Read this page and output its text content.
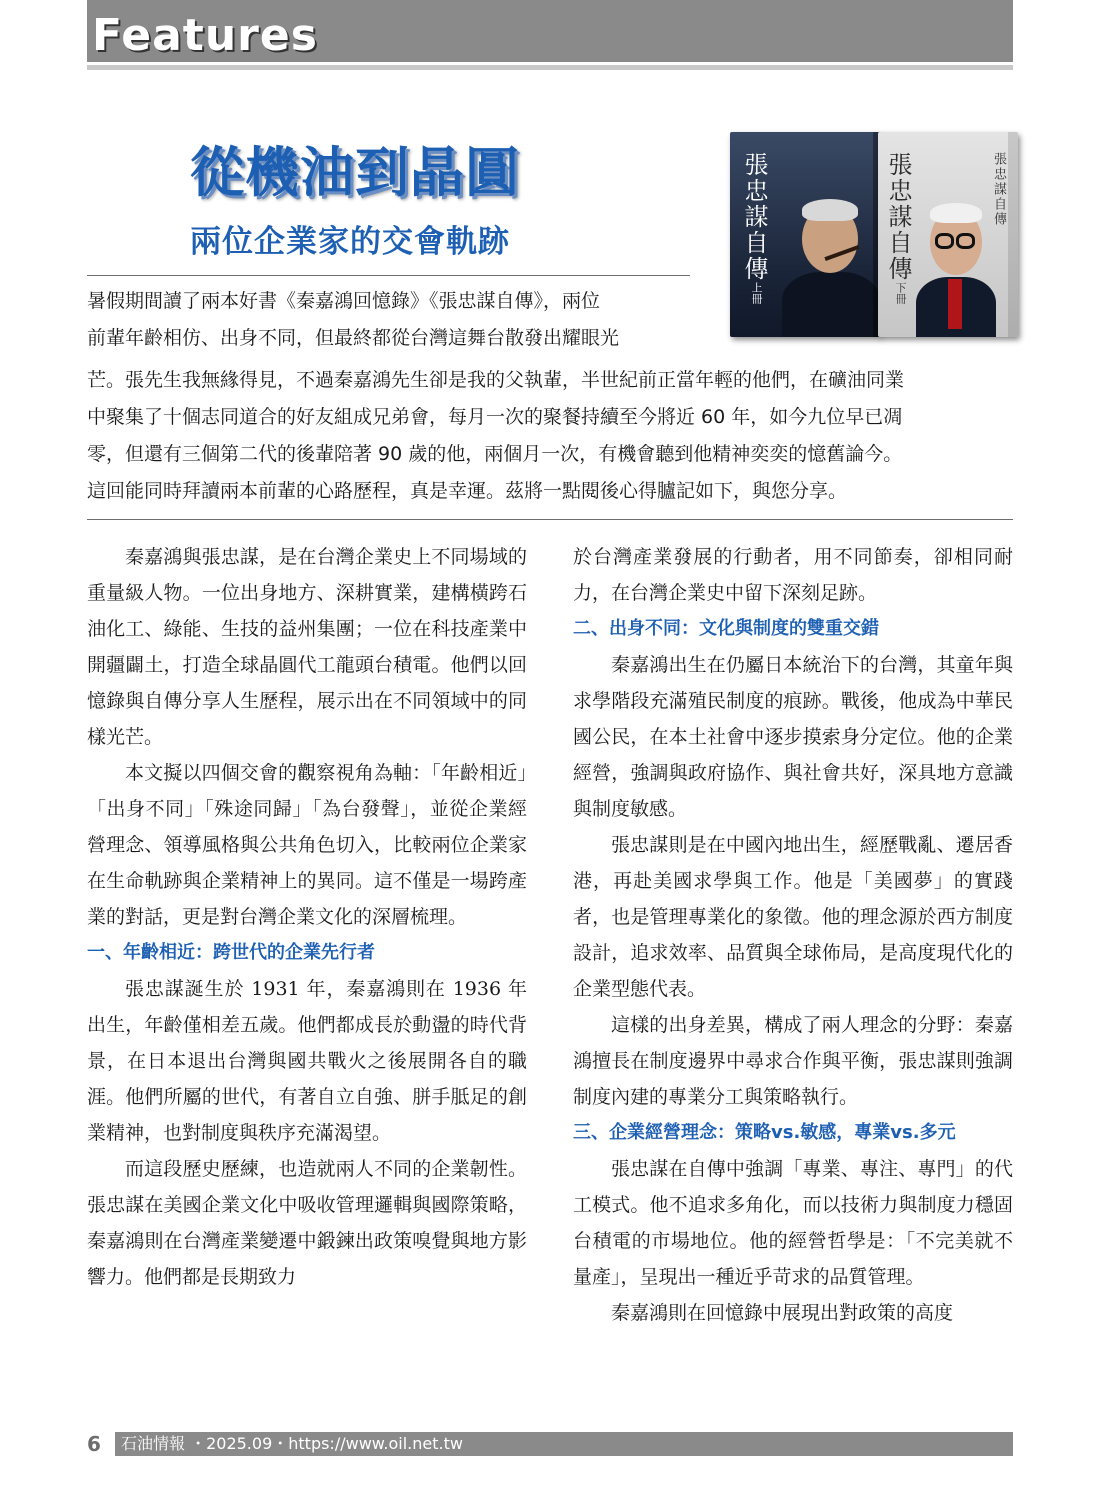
Features
從機油到晶圓
兩位企業家的交會軌跡	張忠謀自傳
上冊
張忠謀自傳
下冊
張忠謀自傳
暑假期間讀了兩本好書《秦嘉鴻回憶錄》《張忠謀自傳》，兩位
前輩年齡相仿、出身不同，但最終都從台灣這舞台散發出耀眼光
芒。張先生我無緣得見，不過秦嘉鴻先生卻是我的父執輩，半世紀前正當年輕的他們，在礦油同業
中聚集了十個志同道合的好友組成兄弟會，每月一次的聚餐持續至今將近 60 年，如今九位早已凋
零，但還有三個第二代的後輩陪著 90 歲的他，兩個月一次，有機會聽到他精神奕奕的憶舊論今。
這回能同時拜讀兩本前輩的心路歷程，真是幸運。茲將一點閱後心得臚記如下，與您分享。

秦嘉鴻與張忠謀，是在台灣企業史上不同場域的重量級人物。一位出身地方、深耕實業，建構橫跨石油化工、綠能、生技的益州集團；一位在科技產業中開疆闢土，打造全球晶圓代工龍頭台積電。他們以回憶錄與自傳分享人生歷程，展示出在不同領域中的同樣光芒。

本文擬以四個交會的觀察視角為軸：「年齡相近」「出身不同」「殊途同歸」「為台發聲」，並從企業經營理念、領導風格與公共角色切入，比較兩位企業家在生命軌跡與企業精神上的異同。這不僅是一場跨產業的對話，更是對台灣企業文化的深層梳理。

一、年齡相近：跨世代的企業先行者

張忠謀誕生於 1931 年，秦嘉鴻則在 1936 年出生，年齡僅相差五歲。他們都成長於動盪的時代背景，在日本退出台灣與國共戰火之後展開各自的職涯。他們所屬的世代，有著自立自強、胼手胝足的創業精神，也對制度與秩序充滿渴望。

而這段歷史歷練，也造就兩人不同的企業韌性。張忠謀在美國企業文化中吸收管理邏輯與國際策略，秦嘉鴻則在台灣產業變遷中鍛鍊出政策嗅覺與地方影響力。他們都是長期致力

於台灣產業發展的行動者，用不同節奏，卻相同耐力，在台灣企業史中留下深刻足跡。

二、出身不同：文化與制度的雙重交錯

秦嘉鴻出生在仍屬日本統治下的台灣，其童年與求學階段充滿殖民制度的痕跡。戰後，他成為中華民國公民，在本土社會中逐步摸索身分定位。他的企業經營，強調與政府協作、與社會共好，深具地方意識與制度敏感。

張忠謀則是在中國內地出生，經歷戰亂、遷居香港，再赴美國求學與工作。他是「美國夢」的實踐者，也是管理專業化的象徵。他的理念源於西方制度設計，追求效率、品質與全球佈局，是高度現代化的企業型態代表。

這樣的出身差異，構成了兩人理念的分野：秦嘉鴻擅長在制度邊界中尋求合作與平衡，張忠謀則強調制度內建的專業分工與策略執行。

三、企業經營理念：策略vs.敏感，專業vs.多元

張忠謀在自傳中強調「專業、專注、專門」的代工模式。他不追求多角化，而以技術力與制度力穩固台積電的市場地位。他的經營哲學是：「不完美就不量產」，呈現出一種近乎苛求的品質管理。

秦嘉鴻則在回憶錄中展現出對政策的高度

6	石油情報 ・2025.09・https://www.oil.net.tw
